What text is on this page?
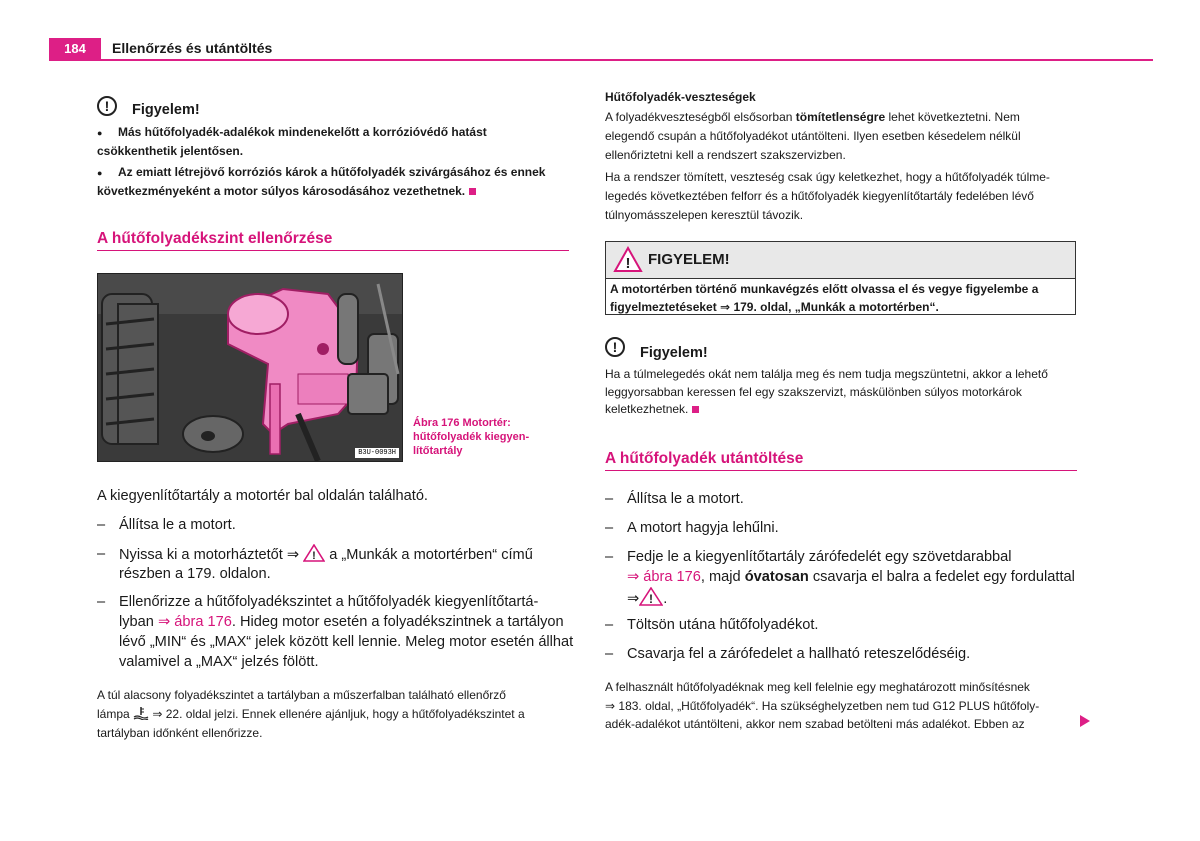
184	Ellenőrzés és utántöltés
!	Figyelem!
● Más hűtőfolyadék-adalékok mindenekelőtt a korrózióvédő hatást csökkenthetik jelentősen.
● Az emiatt létrejövő korróziós károk a hűtőfolyadék szivárgásához és ennek következményeként a motor súlyos károsodásához vezethetnek.
A hűtőfolyadékszint ellenőrzése
B3U-0093H
Ábra 176 Motortér:
hűtőfolyadék kiegyen-
lítőtartály
A kiegyenlítőtartály a motortér bal oldalán található.
– Állítsa le a motort.
– Nyissa ki a motorháztetőt ⇒ ! a „Munkák a motortérben“ című
részben a 179. oldalon.
– Ellenőrizze a hűtőfolyadékszintet a hűtőfolyadék kiegyenlítőtartá-
lyban ⇒ ábra 176. Hideg motor esetén a folyadékszintnek a tartályon
lévő „MIN“ és „MAX“ jelek között kell lennie. Meleg motor esetén állhat
valamivel a „MAX“ jelzés fölött.
A túl alacsony folyadékszintet a tartályban a műszerfalban található ellenőrző
lámpa  ⇒ 22. oldal jelzi. Ennek ellenére ajánljuk, hogy a hűtőfolyadékszintet a
tartályban időnként ellenőrizze.
Hűtőfolyadék-veszteségek
A folyadékveszteségből elsősorban tömítetlenségre lehet következtetni. Nem
elegendő csupán a hűtőfolyadékot utántölteni. Ilyen esetben késedelem nélkül
ellenőriztetni kell a rendszert szakszervizben.
Ha a rendszer tömített, veszteség csak úgy keletkezhet, hogy a hűtőfolyadék túlme-
legedés következtében felforr és a hűtőfolyadék kiegyenlítőtartály fedelében lévő
túlnyomásszelepen keresztül távozik.
! FIGYELEM!
A motortérben történő munkavégzés előtt olvassa el és vegye figyelembe a
figyelmeztetéseket ⇒ 179. oldal, „Munkák a motortérben“.
!	Figyelem!
Ha a túlmelegedés okát nem találja meg és nem tudja megszüntetni, akkor a lehető
leggyorsabban keressen fel egy szakszervizt, máskülönben súlyos motorkárok
keletkezhetnek.
A hűtőfolyadék utántöltése
– Állítsa le a motort.
– A motort hagyja lehűlni.
– Fedje le a kiegyenlítőtartály zárófedelét egy szövetdarabbal
⇒ ábra 176, majd óvatosan csavarja el balra a fedelet egy fordulattal
⇒ ! .
– Töltsön utána hűtőfolyadékot.
– Csavarja fel a zárófedelet a hallható reteszelődéséig.
A felhasznált hűtőfolyadéknak meg kell felelnie egy meghatározott minősítésnek
⇒ 183. oldal, „Hűtőfolyadék“. Ha szükséghelyzetben nem tud G12 PLUS hűtőfoly-
adék-adalékot utántölteni, akkor nem szabad betölteni más adalékot. Ebben az
